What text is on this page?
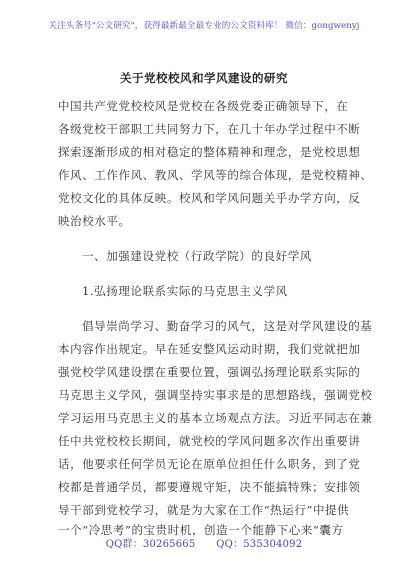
关注头条号"公文研究"，获得最新最全最专业的公文资料库！ 微信：gongwenyj
关于党校校风和学风建设的研究
中国共产党党校校风是党校在各级党委正确领导下，在
各级党校干部职工共同努力下，在几十年办学过程中不断
探索逐渐形成的相对稳定的整体精神和理念，是党校思想
作风、工作作风、教风、学风等的综合体现，是党校精神、
党校文化的具体反映。校风和学风问题关乎办学方向，反
映治校水平。
一、加强建设党校（行政学院）的良好学风
1.弘扬理论联系实际的马克思主义学风
倡导崇尚学习、勤奋学习的风气，这是对学风建设的基
本内容作出规定。早在延安整风运动时期，我们党就把加
强党校学风建设摆在重要位置，强调弘扬理论联系实际的
马克思主义学风，强调坚持实事求是的思想路线，强调党校
学习运用马克思主义的基本立场观点方法。习近平同志在兼
任中共党校校长期间，就党校的学风问题多次作出重要讲
话，他要求任何学员无论在原单位担任什么职务，到了党
校都是普通学员，都要遵规守矩，决不能搞特殊；安排领
导干部到党校学习，就是为大家在工作“热运行”中提供
一个“冷思考”的宝贵时机，创造一个能静下心来“囊方
QQ群：30265665 QQ：535304092
